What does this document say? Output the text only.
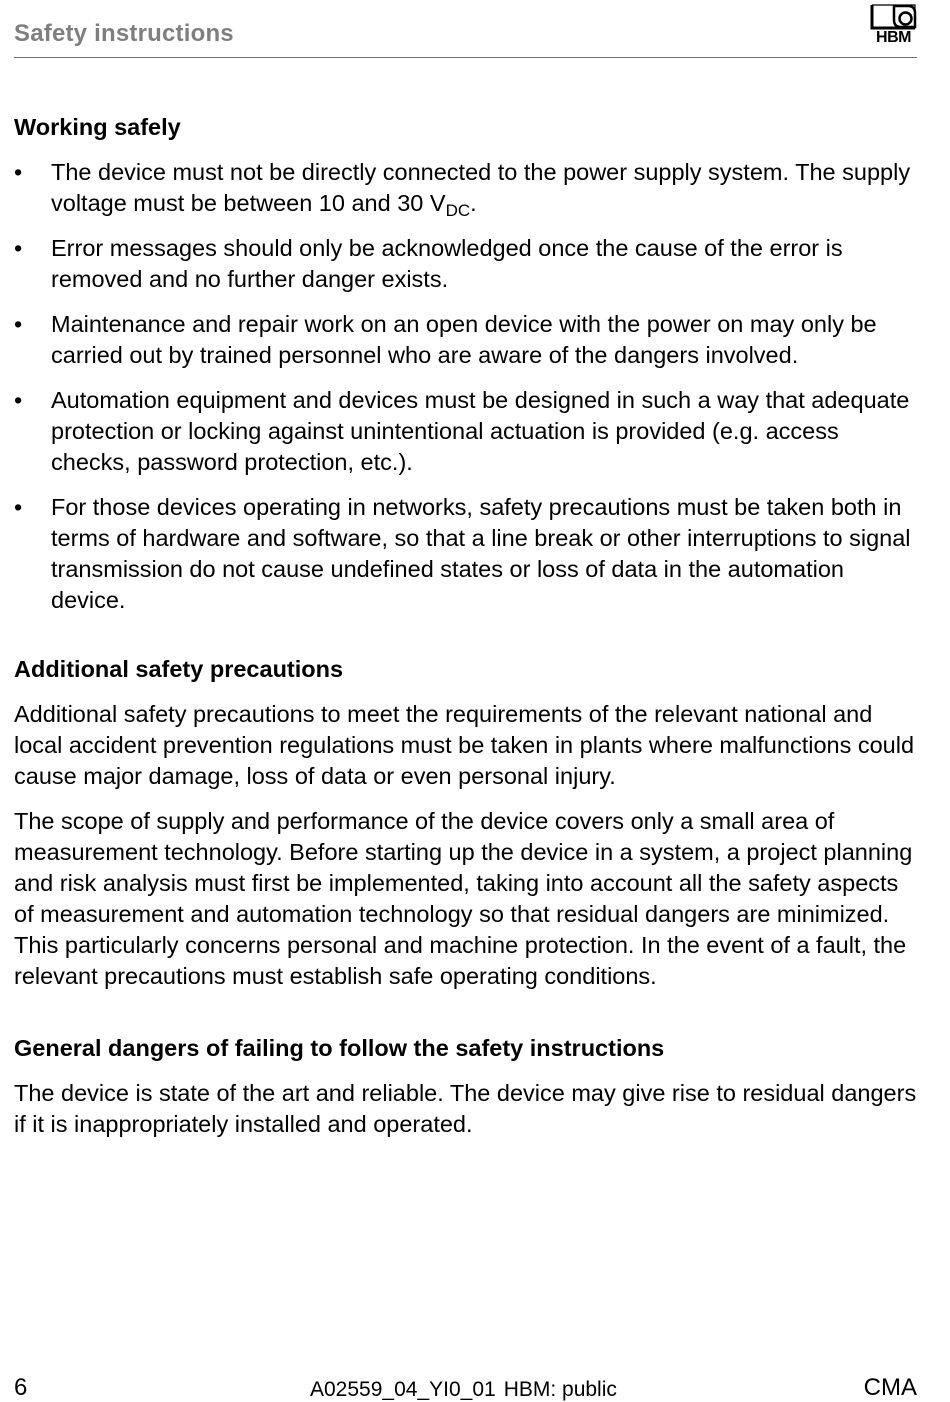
Safety instructions	HBM
Working safely
• The device must not be directly connected to the power supply system. The supply voltage must be between 10 and 30 $V_{DC}$.
• Error messages should only be acknowledged once the cause of the error is removed and no further danger exists.
• Maintenance and repair work on an open device with the power on may only be carried out by trained personnel who are aware of the dangers involved.
• Automation equipment and devices must be designed in such a way that adequate protection or locking against unintentional actuation is provided (e.g. access checks, password protection, etc.).
• For those devices operating in networks, safety precautions must be taken both in terms of hardware and software, so that a line break or other interruptions to signal transmission do not cause undefined states or loss of data in the automation device.
Additional safety precautions

Additional safety precautions to meet the requirements of the relevant national and local accident prevention regulations must be taken in plants where malfunctions could cause major damage, loss of data or even personal injury.

The scope of supply and performance of the device covers only a small area of measurement technology. Before starting up the device in a system, a project planning and risk analysis must first be implemented, taking into account all the safety aspects of measurement and automation technology so that residual dangers are minimized. This particularly concerns personal and machine protection. In the event of a fault, the relevant precautions must establish safe operating conditions.

General dangers of failing to follow the safety instructions

The device is state of the art and reliable. The device may give rise to residual dangers if it is inappropriately installed and operated.

6	A02559_04_YI0_01 HBM: public	CMA
